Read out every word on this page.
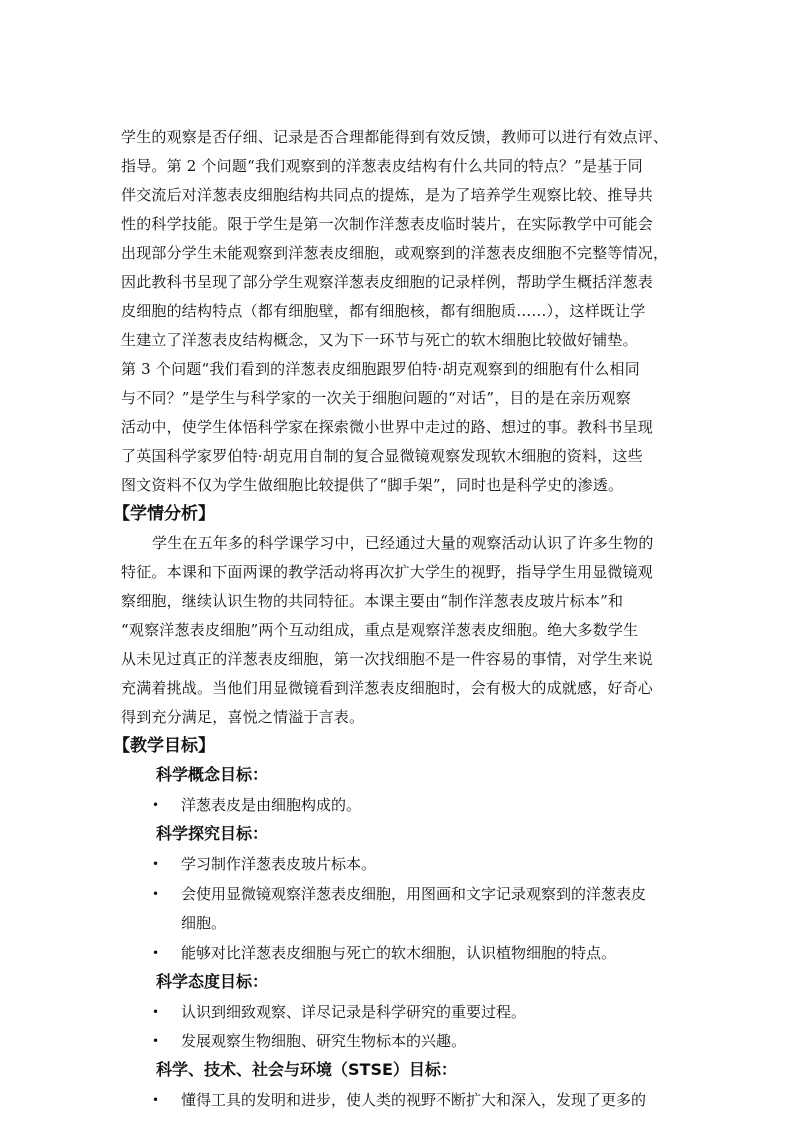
学生的观察是否仔细、记录是否合理都能得到有效反馈，教师可以进行有效点评、
指导。第 2 个问题“我们观察到的洋葱表皮结构有什么共同的特点？”是基于同
伴交流后对洋葱表皮细胞结构共同点的提炼，是为了培养学生观察比较、推导共
性的科学技能。限于学生是第一次制作洋葱表皮临时装片，在实际教学中可能会
出现部分学生未能观察到洋葱表皮细胞，或观察到的洋葱表皮细胞不完整等情况，
因此教科书呈现了部分学生观察洋葱表皮细胞的记录样例，帮助学生概括洋葱表
皮细胞的结构特点（都有细胞壁，都有细胞核，都有细胞质……），这样既让学
生建立了洋葱表皮结构概念，又为下一环节与死亡的软木细胞比较做好铺垫。
第 3 个问题“我们看到的洋葱表皮细胞跟罗伯特·胡克观察到的细胞有什么相同
与不同？”是学生与科学家的一次关于细胞问题的“对话”，目的是在亲历观察
活动中，使学生体悟科学家在探索微小世界中走过的路、想过的事。教科书呈现
了英国科学家罗伯特·胡克用自制的复合显微镜观察发现软木细胞的资料，这些
图文资料不仅为学生做细胞比较提供了“脚手架”，同时也是科学史的渗透。
【学情分析】
学生在五年多的科学课学习中，已经通过大量的观察活动认识了许多生物的
特征。本课和下面两课的教学活动将再次扩大学生的视野，指导学生用显微镜观
察细胞，继续认识生物的共同特征。本课主要由“制作洋葱表皮玻片标本”和
“观察洋葱表皮细胞”两个互动组成，重点是观察洋葱表皮细胞。绝大多数学生
从未见过真正的洋葱表皮细胞，第一次找细胞不是一件容易的事情，对学生来说
充满着挑战。当他们用显微镜看到洋葱表皮细胞时，会有极大的成就感，好奇心
得到充分满足，喜悦之情溢于言表。
【教学目标】
科学概念目标：
• 洋葱表皮是由细胞构成的。
科学探究目标：
• 学习制作洋葱表皮玻片标本。
• 会使用显微镜观察洋葱表皮细胞，用图画和文字记录观察到的洋葱表皮
细胞。
• 能够对比洋葱表皮细胞与死亡的软木细胞，认识植物细胞的特点。
科学态度目标：
• 认识到细致观察、详尽记录是科学研究的重要过程。
• 发展观察生物细胞、研究生物标本的兴趣。
科学、技术、社会与环境（STSE）目标：
• 懂得工具的发明和进步，使人类的视野不断扩大和深入，发现了更多的
